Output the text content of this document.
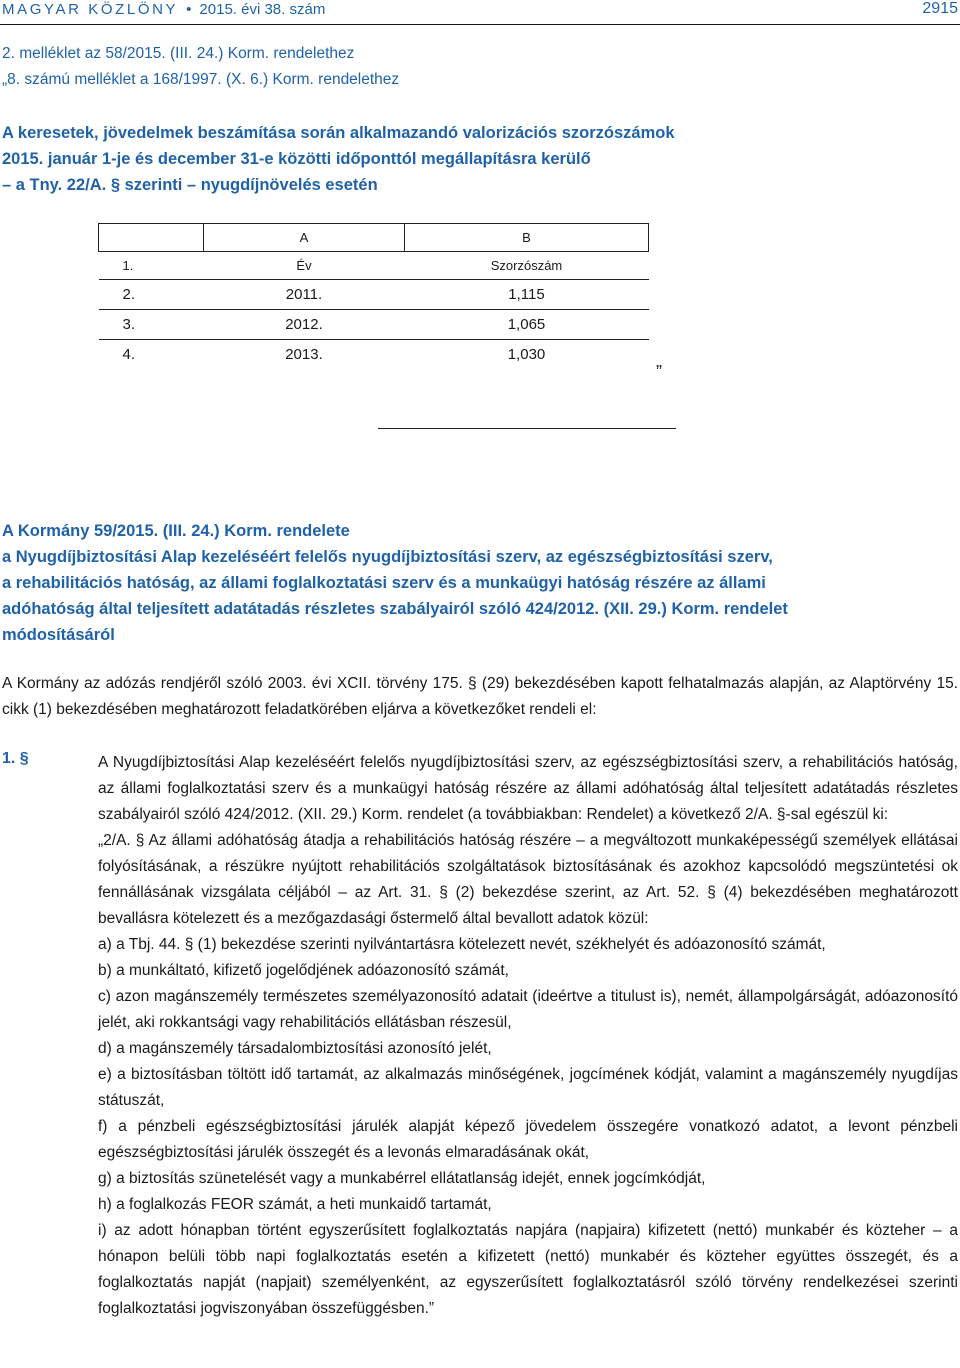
MAGYAR KÖZLÖNY • 2015. évi 38. szám	2915
2. melléklet az 58/2015. (III. 24.) Korm. rendelethez
„8. számú melléklet a 168/1997. (X. 6.) Korm. rendelethez
A keresetek, jövedelmek beszámítása során alkalmazandó valorizációs szorzószámok
2015. január 1-je és december 31-e közötti időponttól megállapításra kerülő
– a Tny. 22/A. § szerinti – nyugdíjnövelés esetén
	A	B
1.	Év	Szorzószám
2.	2011.	1,115
3.	2012.	1,065
4.	2013.	1,030
”
A Kormány 59/2015. (III. 24.) Korm. rendelete
a Nyugdíjbiztosítási Alap kezeléséért felelős nyugdíjbiztosítási szerv, az egészségbiztosítási szerv,
a rehabilitációs hatóság, az állami foglalkoztatási szerv és a munkaügyi hatóság részére az állami
adóhatóság által teljesített adatátadás részletes szabályairól szóló 424/2012. (XII. 29.) Korm. rendelet
módosításáról
A Kormány az adózás rendjéről szóló 2003. évi XCII. törvény 175. § (29) bekezdésében kapott felhatalmazás alapján, az Alaptörvény 15. cikk (1) bekezdésében meghatározott feladatkörében eljárva a következőket rendeli el:
1. §	A Nyugdíjbiztosítási Alap kezeléséért felelős nyugdíjbiztosítási szerv, az egészségbiztosítási szerv, a rehabilitációs hatóság, az állami foglalkoztatási szerv és a munkaügyi hatóság részére az állami adóhatóság által teljesített adatátadás részletes szabályairól szóló 424/2012. (XII. 29.) Korm. rendelet (a továbbiakban: Rendelet) a következő 2/A. §-sal egészül ki:

„2/A. § Az állami adóhatóság átadja a rehabilitációs hatóság részére – a megváltozott munkaképességű személyek ellátásai folyósításának, a részükre nyújtott rehabilitációs szolgáltatások biztosításának és azokhoz kapcsolódó megszüntetési ok fennállásának vizsgálata céljából – az Art. 31. § (2) bekezdése szerint, az Art. 52. § (4) bekezdésében meghatározott bevallásra kötelezett és a mezőgazdasági őstermelő által bevallott adatok közül:

a) a Tbj. 44. § (1) bekezdése szerinti nyilvántartásra kötelezett nevét, székhelyét és adóazonosító számát,

b) a munkáltató, kifizető jogelődjének adóazonosító számát,

c) azon magánszemély természetes személyazonosító adatait (ideértve a titulust is), nemét, állampolgárságát, adóazonosító jelét, aki rokkantsági vagy rehabilitációs ellátásban részesül,

d) a magánszemély társadalombiztosítási azonosító jelét,

e) a biztosításban töltött idő tartamát, az alkalmazás minőségének, jogcímének kódját, valamint a magánszemély nyugdíjas státuszát,

f) a pénzbeli egészségbiztosítási járulék alapját képező jövedelem összegére vonatkozó adatot, a levont pénzbeli egészségbiztosítási járulék összegét és a levonás elmaradásának okát,

g) a biztosítás szünetelését vagy a munkabérrel ellátatlanság idejét, ennek jogcímkódját,

h) a foglalkozás FEOR számát, a heti munkaidő tartamát,

i) az adott hónapban történt egyszerűsített foglalkoztatás napjára (napjaira) kifizetett (nettó) munkabér és közteher – a hónapon belüli több napi foglalkoztatás esetén a kifizetett (nettó) munkabér és közteher együttes összegét, és a foglalkoztatás napját (napjait) személyenként, az egyszerűsített foglalkoztatásról szóló törvény rendelkezései szerinti foglalkoztatási jogviszonyában összefüggésben.”
